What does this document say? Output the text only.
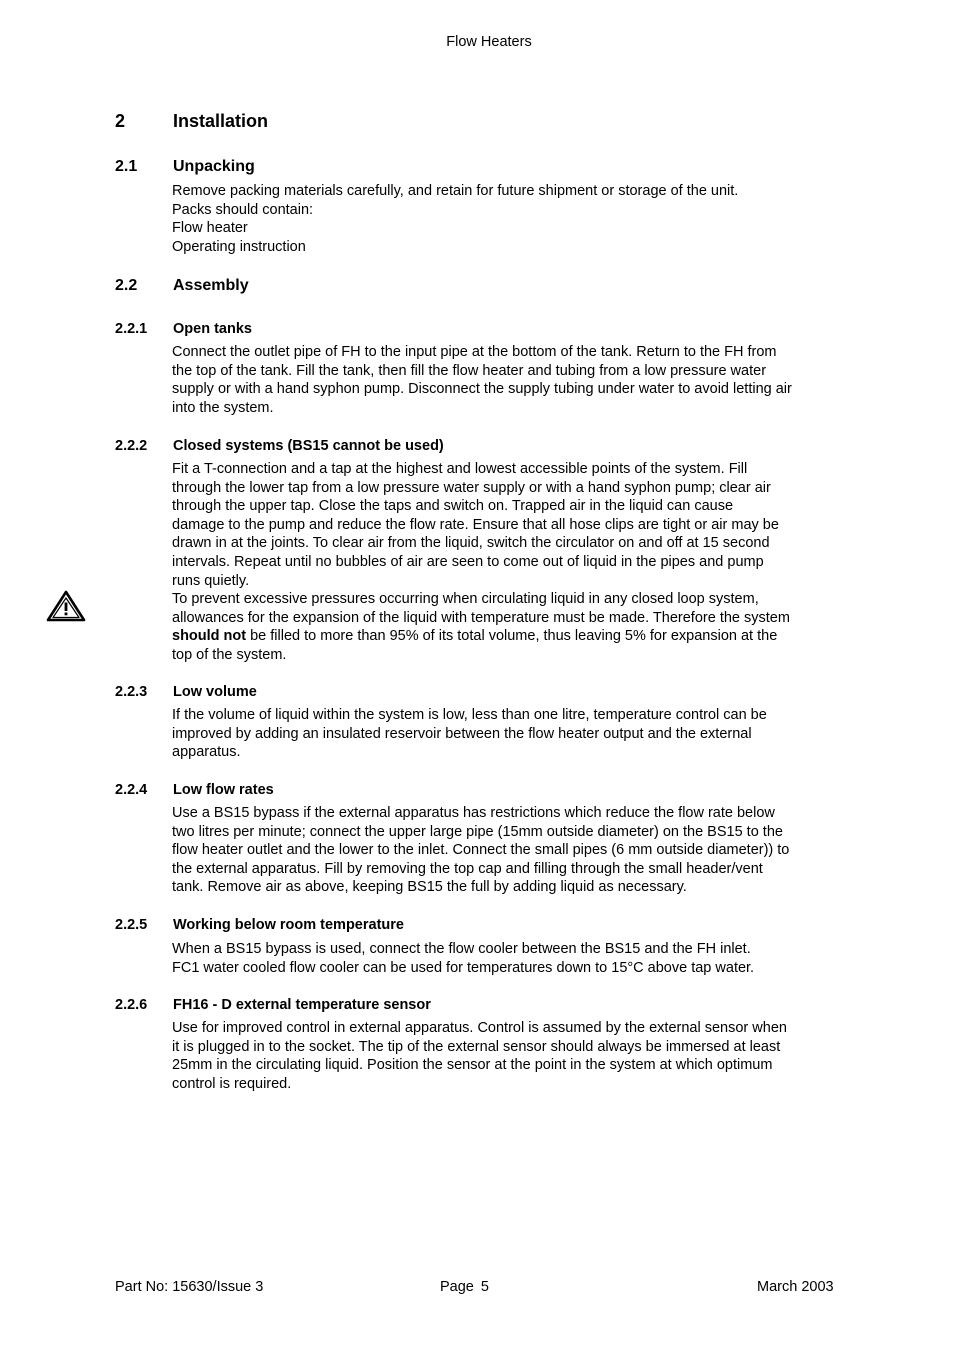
Flow Heaters
2	Installation
2.1 Unpacking
Remove packing materials carefully, and retain for future shipment or storage of the unit.
Packs should contain:
Flow heater
Operating instruction
2.2 Assembly
2.2.1 Open tanks
Connect the outlet pipe of FH to the input pipe at the bottom of the tank. Return to the FH from
the top of the tank. Fill the tank, then fill the flow heater and tubing from a low pressure water
supply or with a hand syphon pump. Disconnect the supply tubing under water to avoid letting air
into the system.
2.2.2 Closed systems (BS15 cannot be used)
Fit a T-connection and a tap at the highest and lowest accessible points of the system. Fill
through the lower tap from a low pressure water supply or with a hand syphon pump; clear air
through the upper tap. Close the taps and switch on. Trapped air in the liquid can cause
damage to the pump and reduce the flow rate. Ensure that all hose clips are tight or air may be
drawn in at the joints. To clear air from the liquid, switch the circulator on and off at 15 second
intervals. Repeat until no bubbles of air are seen to come out of liquid in the pipes and pump
runs quietly.
To prevent excessive pressures occurring when circulating liquid in any closed loop system,
allowances for the expansion of the liquid with temperature must be made. Therefore the system
should not be filled to more than 95% of its total volume, thus leaving 5% for expansion at the
top of the system.
2.2.3 Low volume
If the volume of liquid within the system is low, less than one litre, temperature control can be
improved by adding an insulated reservoir between the flow heater output and the external
apparatus.
2.2.4 Low flow rates
Use a BS15 bypass if the external apparatus has restrictions which reduce the flow rate below
two litres per minute; connect the upper large pipe (15mm outside diameter) on the BS15 to the
flow heater outlet and the lower to the inlet. Connect the small pipes (6 mm outside diameter)) to
the external apparatus. Fill by removing the top cap and filling through the small header/vent
tank. Remove air as above, keeping BS15 the full by adding liquid as necessary.
2.2.5 Working below room temperature
When a BS15 bypass is used, connect the flow cooler between the BS15 and the FH inlet.
FC1 water cooled flow cooler can be used for temperatures down to 15°C above tap water.
2.2.6 FH16 - D external temperature sensor
Use for improved control in external apparatus. Control is assumed by the external sensor when
it is plugged in to the socket. The tip of the external sensor should always be immersed at least
25mm in the circulating liquid. Position the sensor at the point in the system at which optimum
control is required.
Part No: 15630/Issue 3	Page 5	March 2003
